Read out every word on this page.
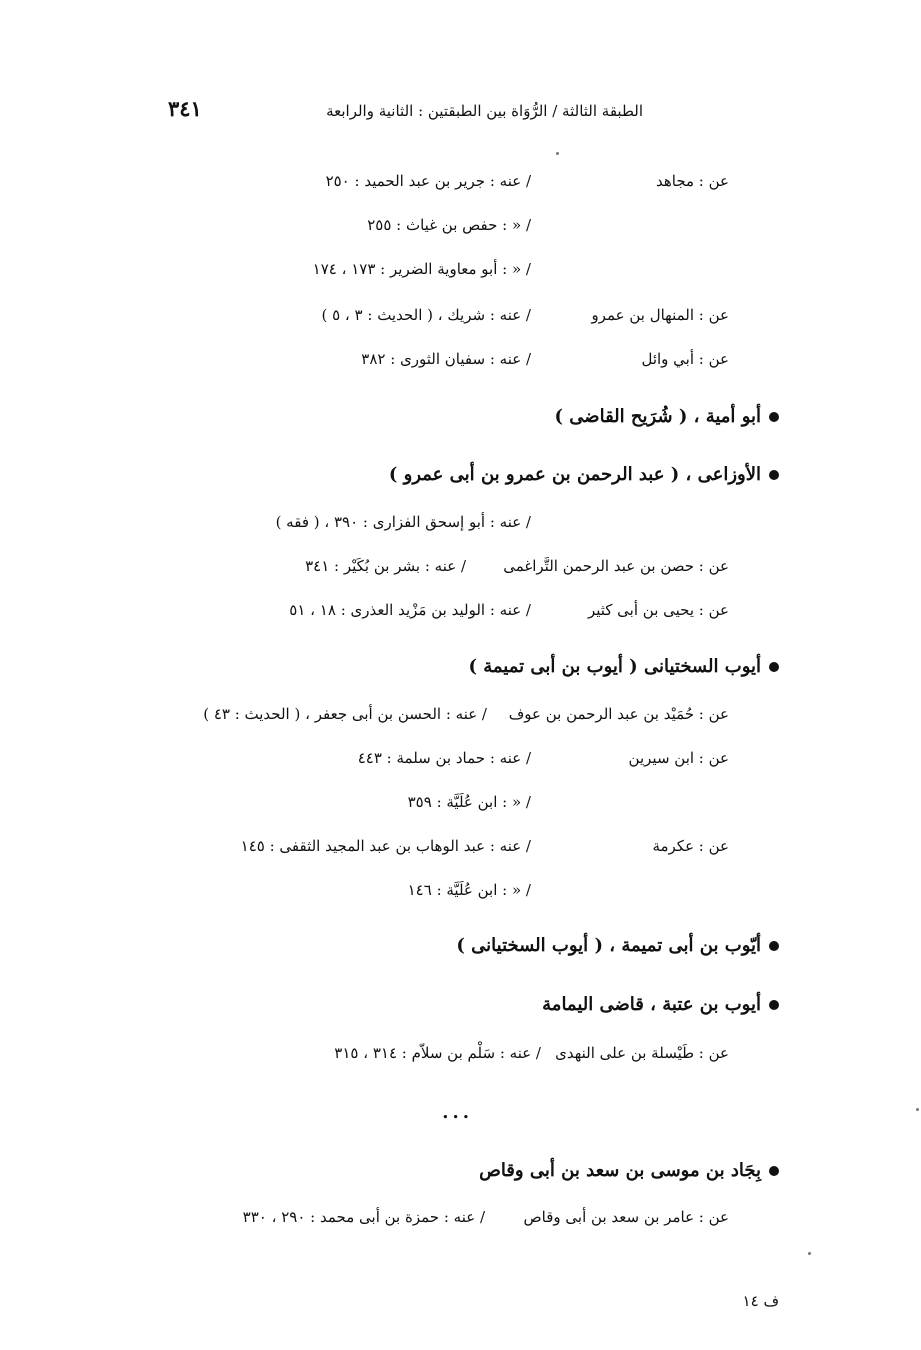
الطبقة الثالثة / الرُّوَاة بين الطبقتين : الثانية والرابعة
٣٤١
عن : مجاهد
/ عنه : جرير بن عبد الحميد : ٢٥٠
/ « : حفص بن غياث : ٢٥٥
/ « : أبو معاوية الضرير : ١٧٣ ، ١٧٤
عن : المنهال بن عمرو
/ عنه : شريك ، ( الحديث : ٣ ، ٥ )
عن : أبي وائل
/ عنه : سفيان الثورى : ٣٨٢
أبو أمية ، ( شُرَيح القاضى )
الأوزاعى ، ( عبد الرحمن بن عمرو بن أبى عمرو )
/ عنه : أبو إسحق الفزارى : ٣٩٠ ، ( فقه )
عن : حصن بن عبد الرحمن التَّراغمى
/ عنه : بشر بن بُكَيْر : ٣٤١
عن : يحيى بن أبى كثير
/ عنه : الوليد بن مَزْيد العذرى : ١٨ ، ٥١
أيوب السختيانى ( أيوب بن أبى تميمة )
عن : حُمَيْد بن عبد الرحمن بن عوف
/ عنه : الحسن بن أبى جعفر ، ( الحديث : ٤٣ )
عن : ابن سيرين
/ عنه : حماد بن سلمة : ٤٤٣
/ « : ابن عُلَيَّة : ٣٥٩
عن : عكرمة
/ عنه : عبد الوهاب بن عبد المجيد الثقفى : ١٤٥
/ « : ابن عُلَيَّة : ١٤٦
أيّوب بن أبى تميمة ، ( أيوب السختيانى )
أيوب بن عتبة ، قاضى اليمامة
عن : طَيْسلة بن على النهدى
/ عنه : سَلْم بن سلاّم : ٣١٤ ، ٣١٥
...
بِجَاد بن موسى بن سعد بن أبى وقاص
عن : عامر بن سعد بن أبى وقاص
/ عنه : حمزة بن أبى محمد : ٢٩٠ ، ٣٣٠
ف ١٤
